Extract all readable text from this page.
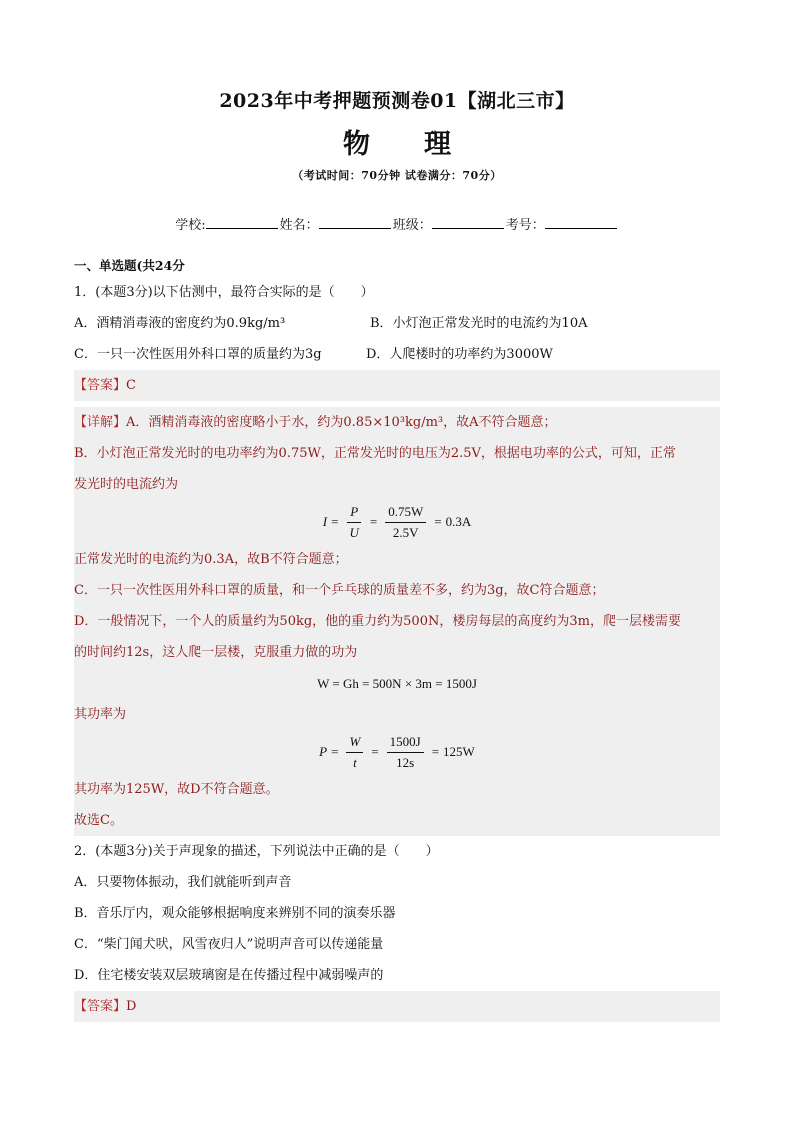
2023年中考押题预测卷01【湖北三市】
物理
（考试时间：70分钟 试卷满分：70分）
学校:	姓名：	班级：	考号：
一、单选题(共24分
1．(本题3分)以下估测中，最符合实际的是（　　）
A．酒精消毒液的密度约为0.9kg/m³	B．小灯泡正常发光时的电流约为10A
C．一只一次性医用外科口罩的质量约为3g	D．人爬楼时的功率约为3000W
【答案】C
【详解】A．酒精消毒液的密度略小于水，约为0.85×10³kg/m³，故A不符合题意；
B．小灯泡正常发光时的电功率约为0.75W，正常发光时的电压为2.5V，根据电功率的公式，可知，正常
发光时的电流约为
$I = \frac{P}{U} = \frac{0.75W}{2.5V} = 0.3A$
正常发光时的电流约为0.3A，故B不符合题意；
C．一只一次性医用外科口罩的质量，和一个乒乓球的质量差不多，约为3g，故C符合题意；
D．一般情况下，一个人的质量约为50kg，他的重力约为500N，楼房每层的高度约为3m，爬一层楼需要
的时间约12s，这人爬一层楼，克服重力做的功为
W = Gh = 500N × 3m = 1500J
其功率为
$P = \frac{W}{t} = \frac{1500J}{12s} = 125W$
其功率为125W，故D不符合题意。
故选C。
2．(本题3分)关于声现象的描述，下列说法中正确的是（　　）
A．只要物体振动，我们就能听到声音
B．音乐厅内，观众能够根据响度来辨别不同的演奏乐器
C．“柴门闻犬吠，风雪夜归人”说明声音可以传递能量
D．住宅楼安装双层玻璃窗是在传播过程中减弱噪声的
【答案】D
